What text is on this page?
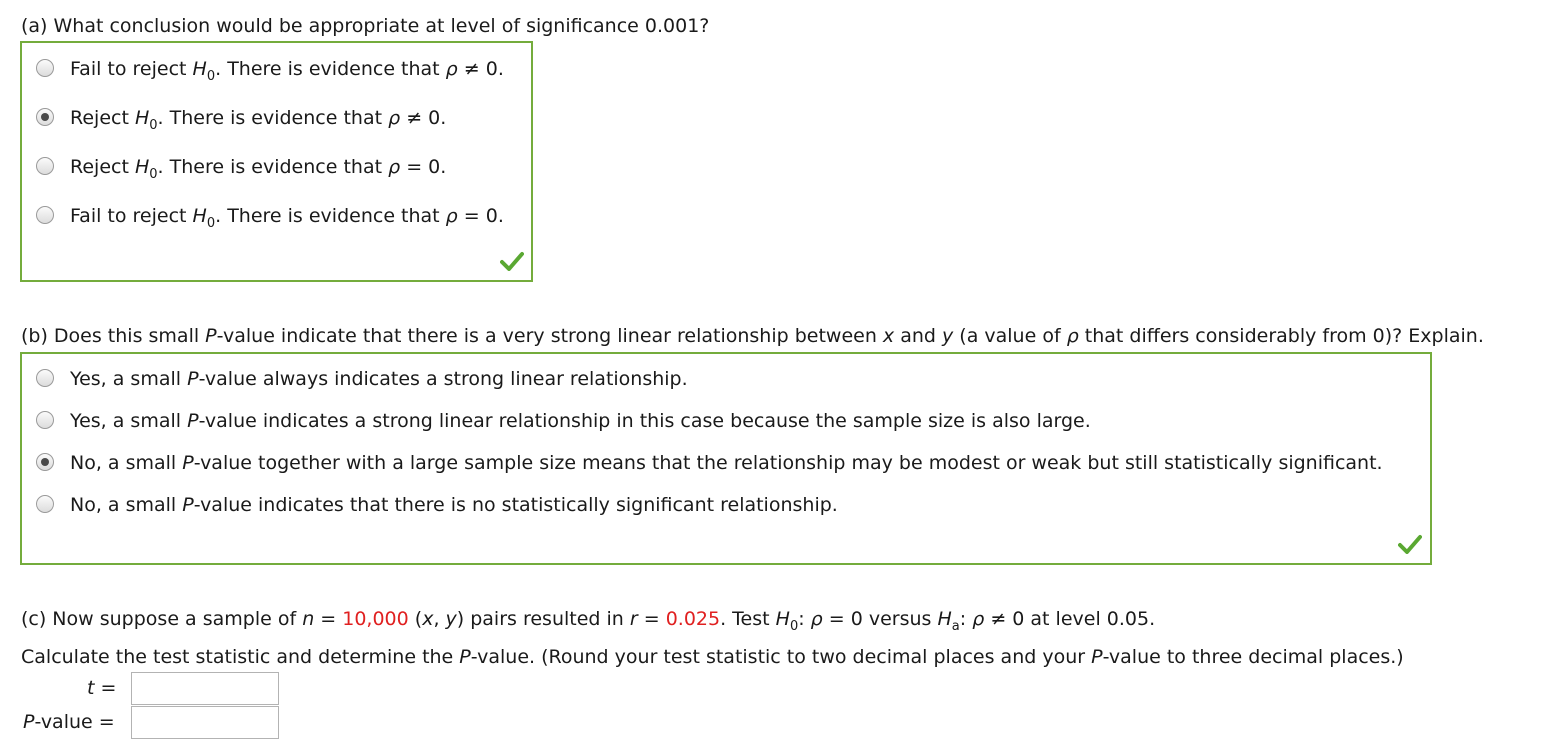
(a) What conclusion would be appropriate at level of significance 0.001?
Fail to reject $H_0$. There is evidence that ρ ≠ 0.
Reject $H_0$. There is evidence that ρ ≠ 0.
Reject $H_0$. There is evidence that ρ = 0.
Fail to reject $H_0$. There is evidence that ρ = 0.
(b) Does this small P-value indicate that there is a very strong linear relationship between x and y (a value of ρ that differs considerably from 0)? Explain.
Yes, a small P-value always indicates a strong linear relationship.
Yes, a small P-value indicates a strong linear relationship in this case because the sample size is also large.
No, a small P-value together with a large sample size means that the relationship may be modest or weak but still statistically significant.
No, a small P-value indicates that there is no statistically significant relationship.
(c) Now suppose a sample of n = 10,000 (x, y) pairs resulted in r = 0.025. Test $H_0$: ρ = 0 versus $H_a$: ρ ≠ 0 at level 0.05.
Calculate the test statistic and determine the P-value. (Round your test statistic to two decimal places and your P-value to three decimal places.)
t =
P-value =
